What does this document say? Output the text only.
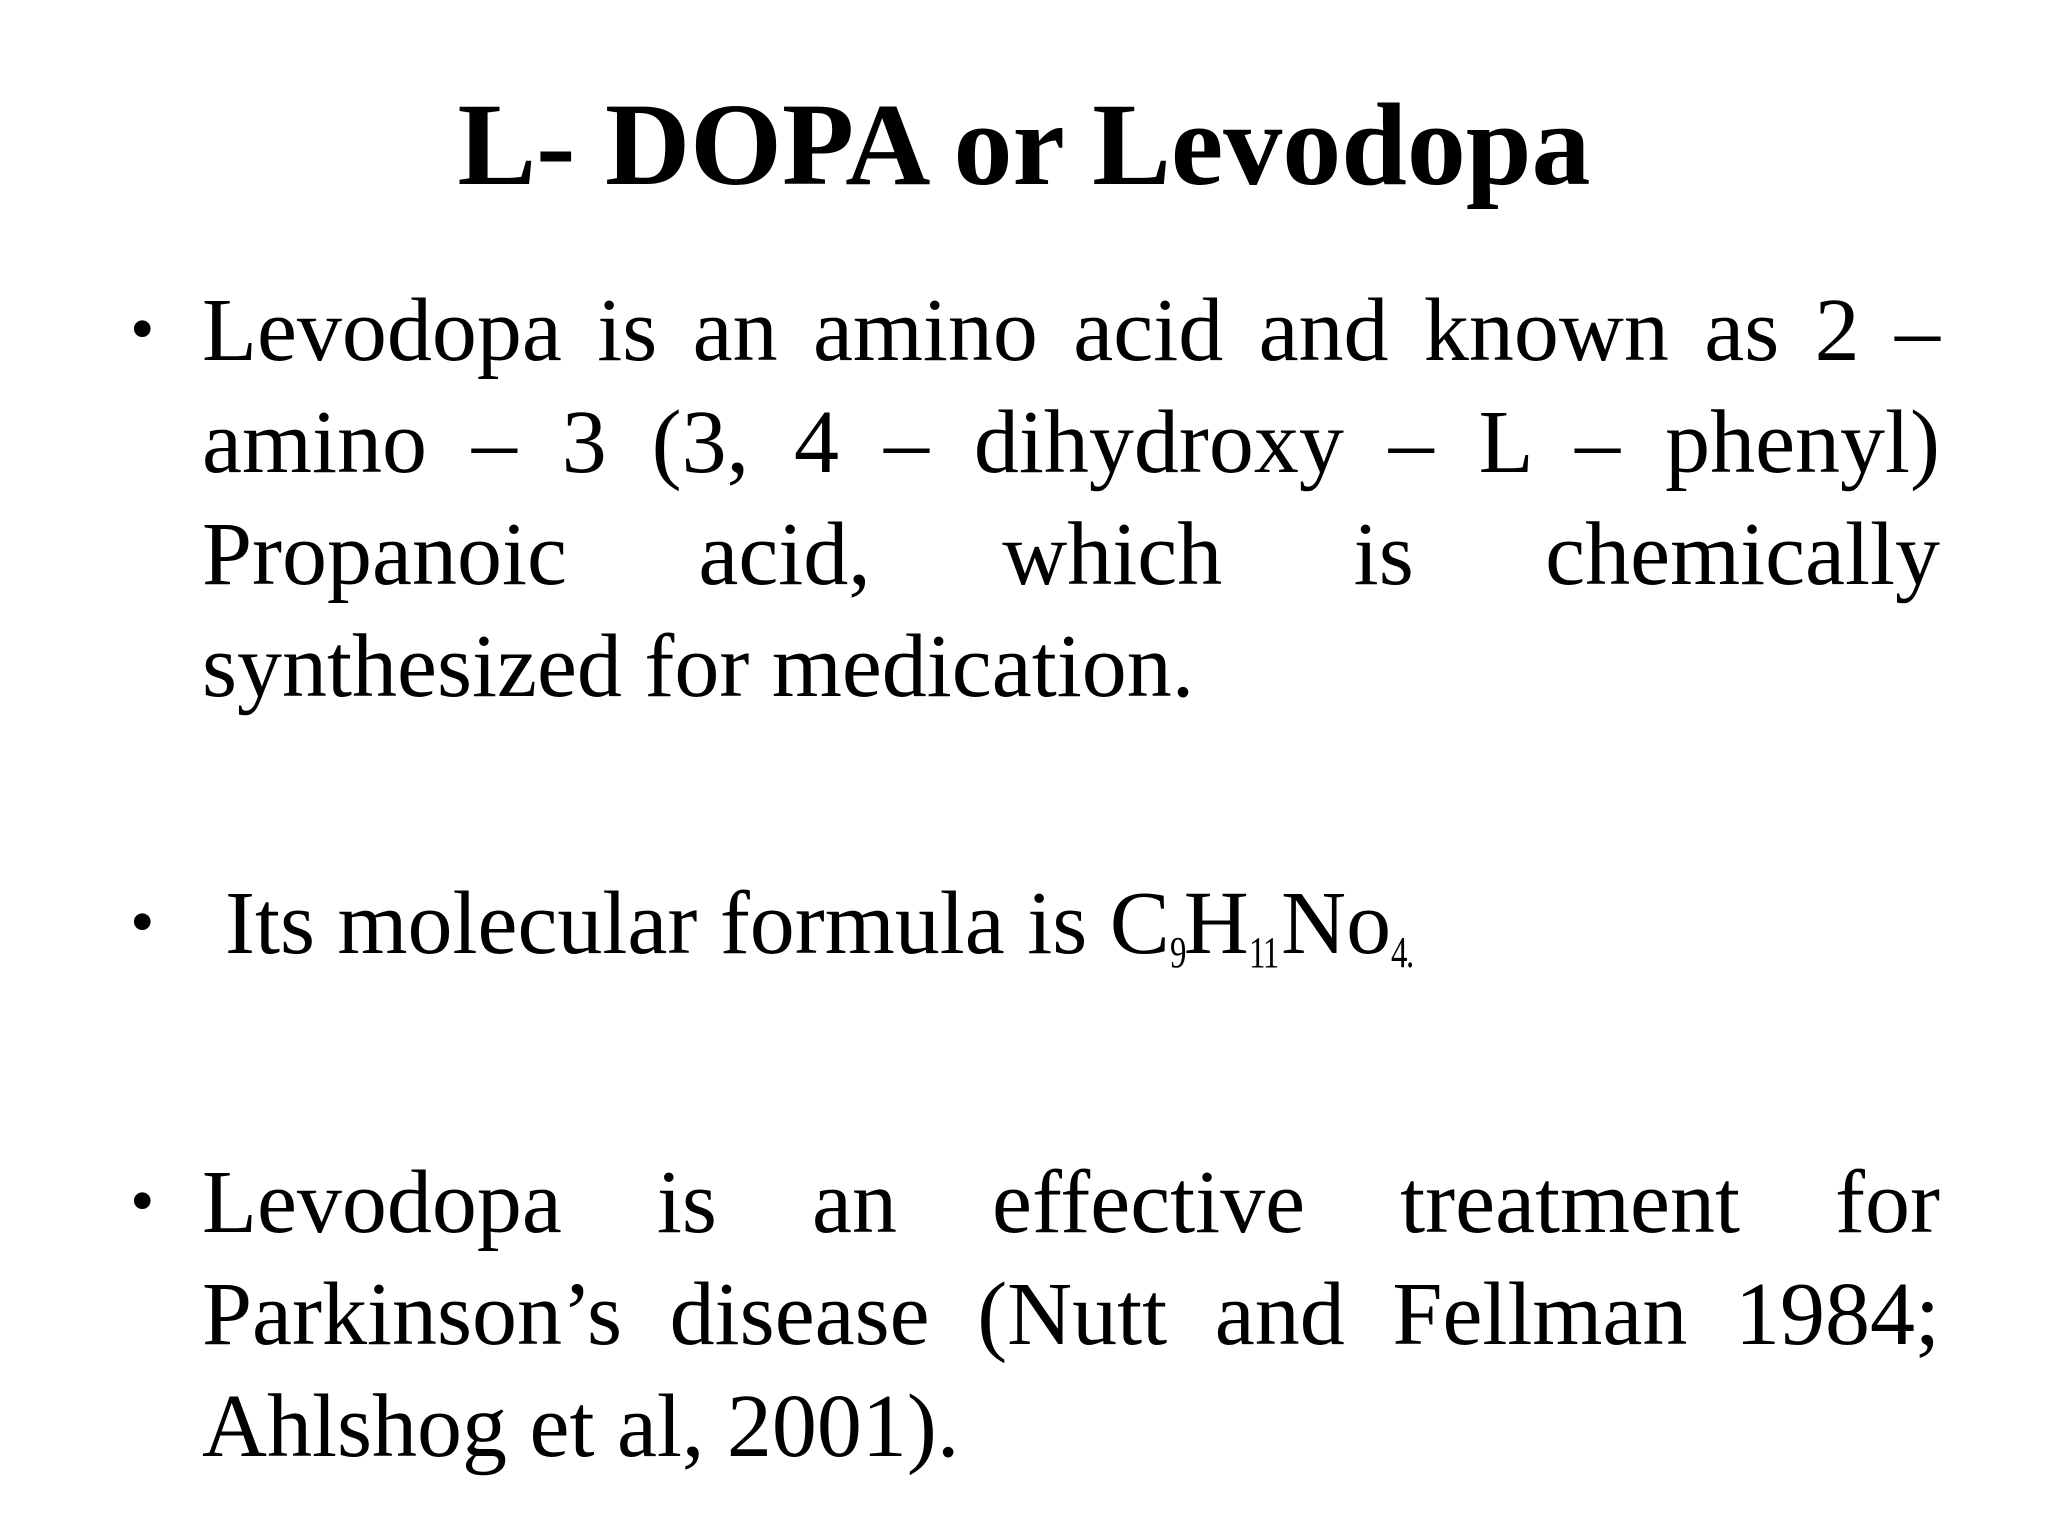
L- DOPA or Levodopa
• Levodopa is an amino acid and known as 2 – amino – 3 (3, 4 – dihydroxy – L – phenyl) Propanoic acid, which is chemically synthesized for medication.

• Its molecular formula is C9H11No4.

• Levodopa is an effective treatment for Parkinson’s disease (Nutt and Fellman 1984; Ahlshog et al, 2001).
